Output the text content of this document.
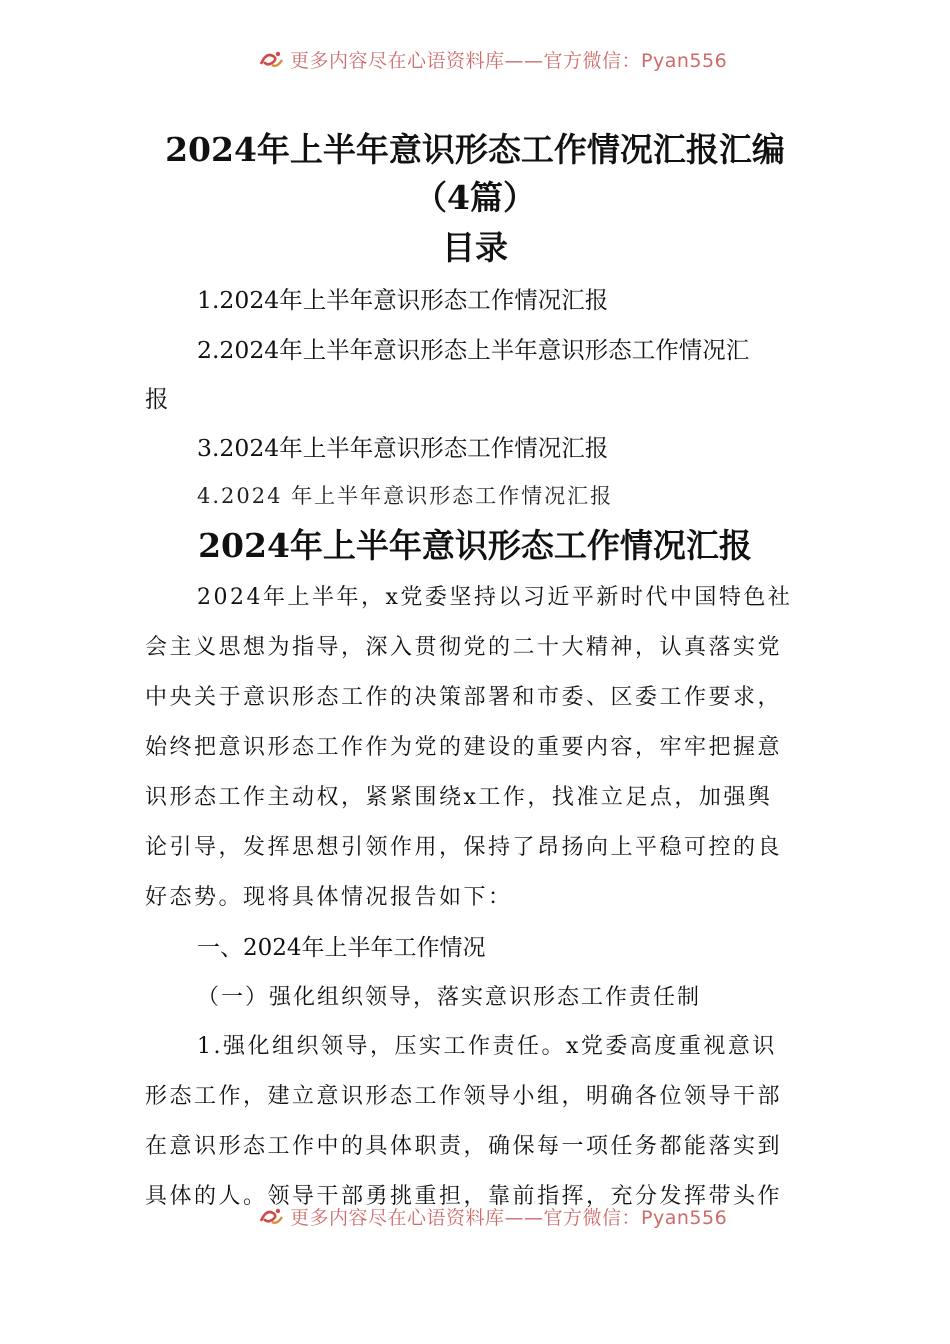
更多内容尽在心语资料库——官方微信：Pyan556
2024年上半年意识形态工作情况汇报汇编
（4篇）
目录
1.2024年上半年意识形态工作情况汇报
2.2024年上半年意识形态上半年意识形态工作情况汇
报
3.2024年上半年意识形态工作情况汇报
4.2024 年上半年意识形态工作情况汇报
2024年上半年意识形态工作情况汇报
2024年上半年，x党委坚持以习近平新时代中国特色社
会主义思想为指导，深入贯彻党的二十大精神，认真落实党
中央关于意识形态工作的决策部署和市委、区委工作要求，
始终把意识形态工作作为党的建设的重要内容，牢牢把握意
识形态工作主动权，紧紧围绕x工作，找准立足点，加强舆
论引导，发挥思想引领作用，保持了昂扬向上平稳可控的良
好态势。现将具体情况报告如下：
一、2024年上半年工作情况
（一）强化组织领导，落实意识形态工作责任制
1.强化组织领导，压实工作责任。x党委高度重视意识
形态工作，建立意识形态工作领导小组，明确各位领导干部
在意识形态工作中的具体职责，确保每一项任务都能落实到
具体的人。领导干部勇挑重担，靠前指挥，充分发挥带头作
更多内容尽在心语资料库——官方微信：Pyan556
